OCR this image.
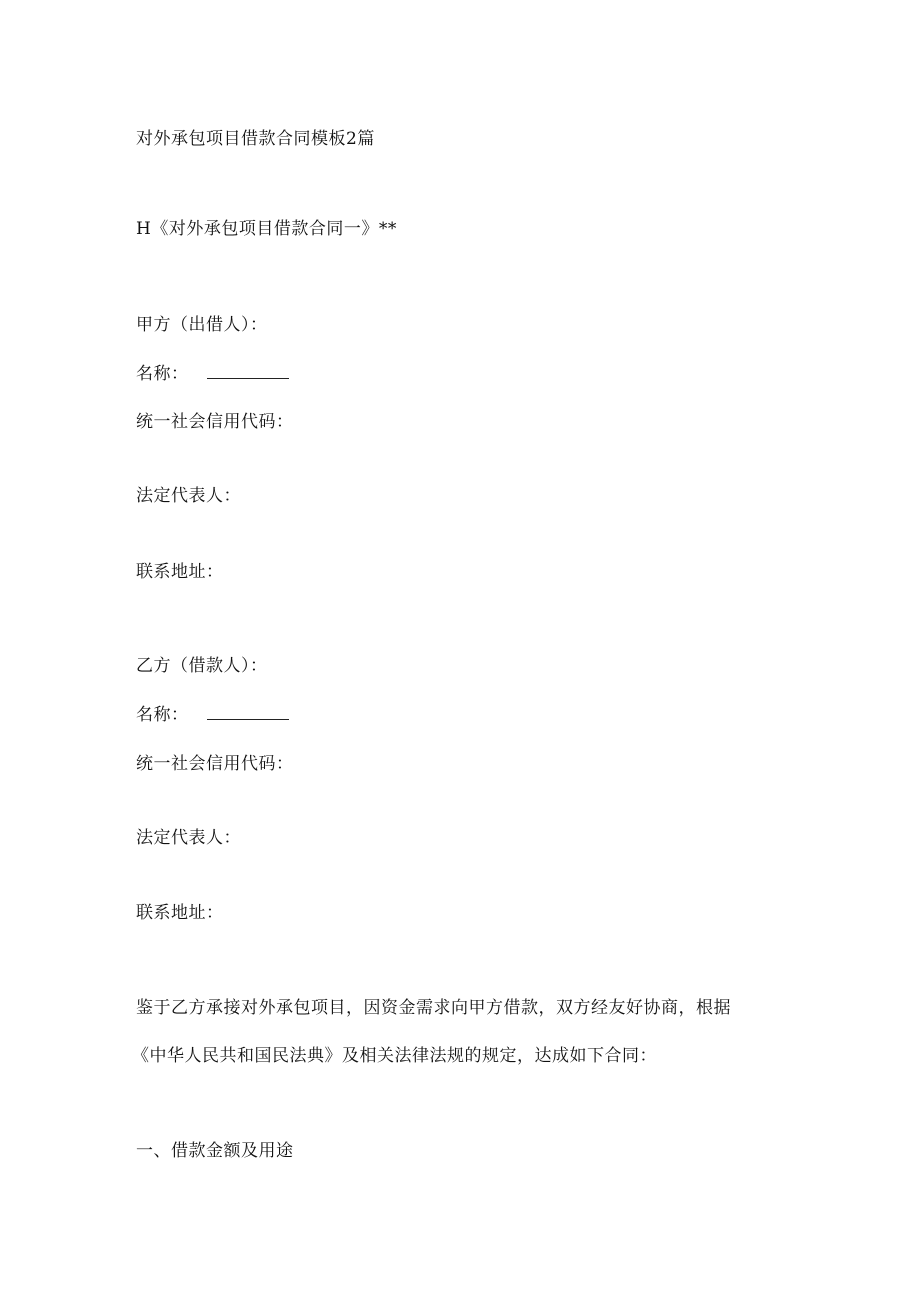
对外承包项目借款合同模板2篇
H《对外承包项目借款合同一》**
甲方（出借人）：
名称：
统一社会信用代码：
法定代表人：
联系地址：
乙方（借款人）：
名称：
统一社会信用代码：
法定代表人：
联系地址：
鉴于乙方承接对外承包项目，因资金需求向甲方借款，双方经友好协商，根据
《中华人民共和国民法典》及相关法律法规的规定，达成如下合同：
一、借款金额及用途
